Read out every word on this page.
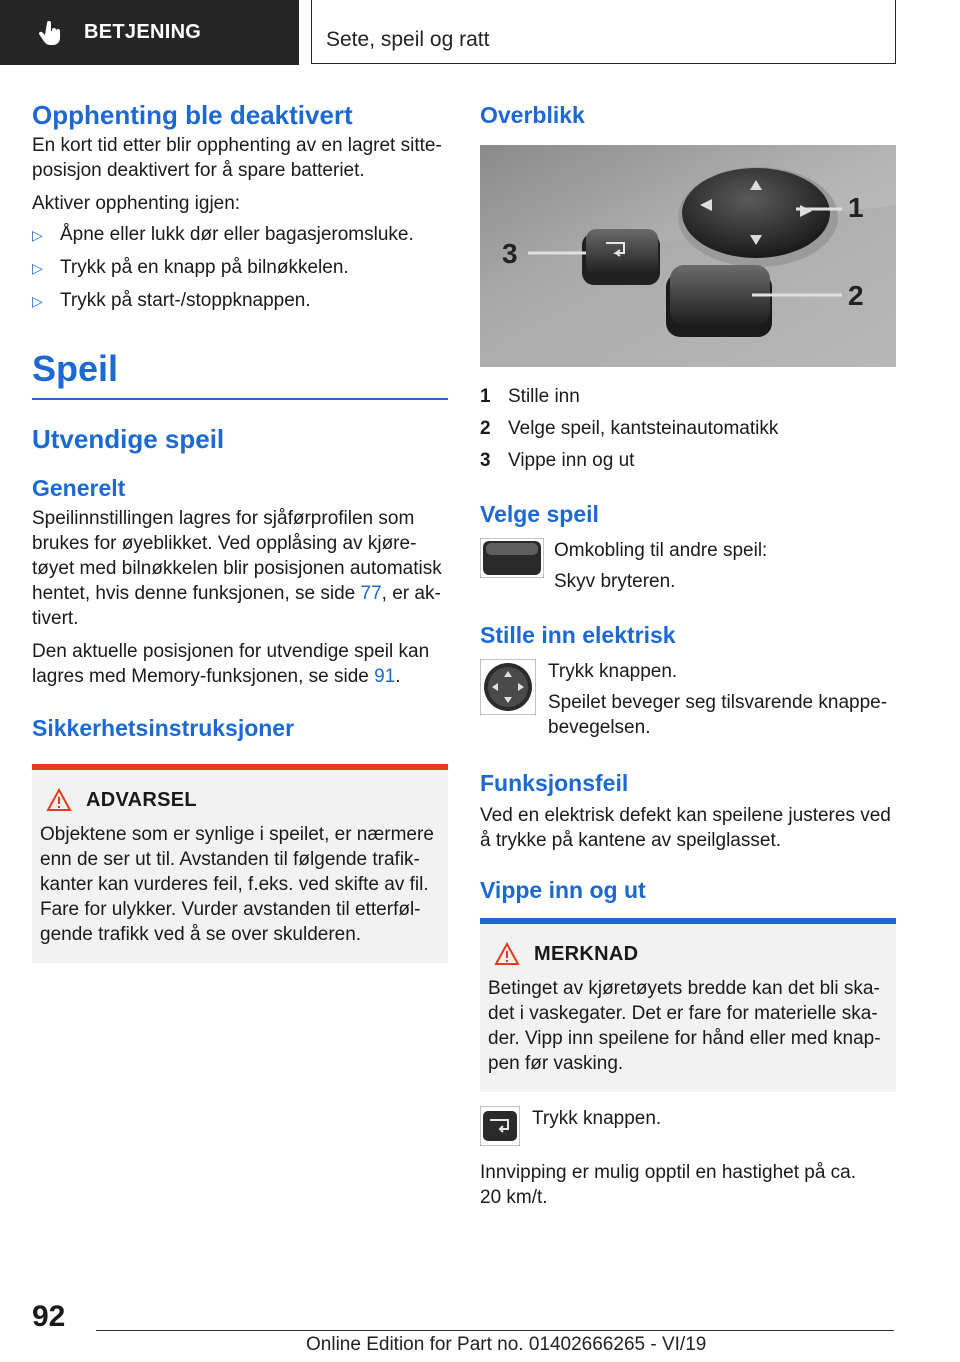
BETJENING	Sete, speil og ratt
Opphenting ble deaktivert

En kort tid etter blir opphenting av en lagret sitte-posisjon deaktivert for å spare batteriet.

Aktiver opphenting igjen:

▷ Åpne eller lukk dør eller bagasjeromsluke.
▷ Trykk på en knapp på bilnøkkelen.
▷ Trykk på start-/stoppknappen.
Speil
Utvendige speil
Generelt

Speilinnstillingen lagres for sjåførprofilen som brukes for øyeblikket. Ved opplåsing av kjøre-tøyet med bilnøkkelen blir posisjonen automatisk hentet, hvis denne funksjonen, se side 77, er ak-tivert.

Den aktuelle posisjonen for utvendige speil kan lagres med Memory-funksjonen, se side 91.

Sikkerhetsinstruksjoner
ADVARSEL

Objektene som er synlige i speilet, er nærmere enn de ser ut til. Avstanden til følgende trafik-kanter kan vurderes feil, f.eks. ved skifte av fil. Fare for ulykker. Vurder avstanden til etterføl-gende trafikk ved å se over skulderen.

Overblikk
3
1
2
1 Stille inn
2 Velge speil, kantsteinautomatikk
3 Vippe inn og ut
Velge speil

Omkobling til andre speil:

Skyv bryteren.

Stille inn elektrisk

Trykk knappen.

Speilet beveger seg tilsvarende knappe-bevegelsen.

Funksjonsfeil

Ved en elektrisk defekt kan speilene justeres ved å trykke på kantene av speilglasset.

Vippe inn og ut
MERKNAD

Betinget av kjøretøyets bredde kan det bli ska-det i vaskegater. Det er fare for materielle ska-der. Vipp inn speilene for hånd eller med knap-pen før vasking.

Trykk knappen.

Innvipping er mulig opptil en hastighet på ca. 20 km/t.

92
Online Edition for Part no. 01402666265 - VI/19
